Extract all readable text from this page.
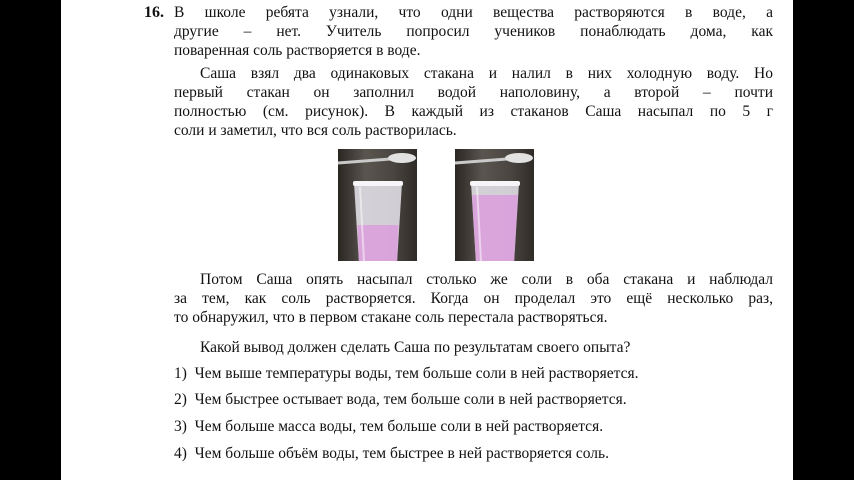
16. В школе ребята узнали, что одни вещества растворяются в воде, а
другие – нет. Учитель попросил учеников понаблюдать дома, как
поваренная соль растворяется в воде.
Саша взял два одинаковых стакана и налил в них холодную воду. Но
первый стакан он заполнил водой наполовину, а второй – почти
полностью (см. рисунок). В каждый из стаканов Саша насыпал по 5 г
соли и заметил, что вся соль растворилась.
Потом Саша опять насыпал столько же соли в оба стакана и наблюдал
за тем, как соль растворяется. Когда он проделал это ещё несколько раз,
то обнаружил, что в первом стакане соль перестала растворяться.
Какой вывод должен сделать Саша по результатам своего опыта?
1) Чем выше температуры воды, тем больше соли в ней растворяется.
2) Чем быстрее остывает вода, тем больше соли в ней растворяется.
3) Чем больше масса воды, тем больше соли в ней растворяется.
4) Чем больше объём воды, тем быстрее в ней растворяется соль.
